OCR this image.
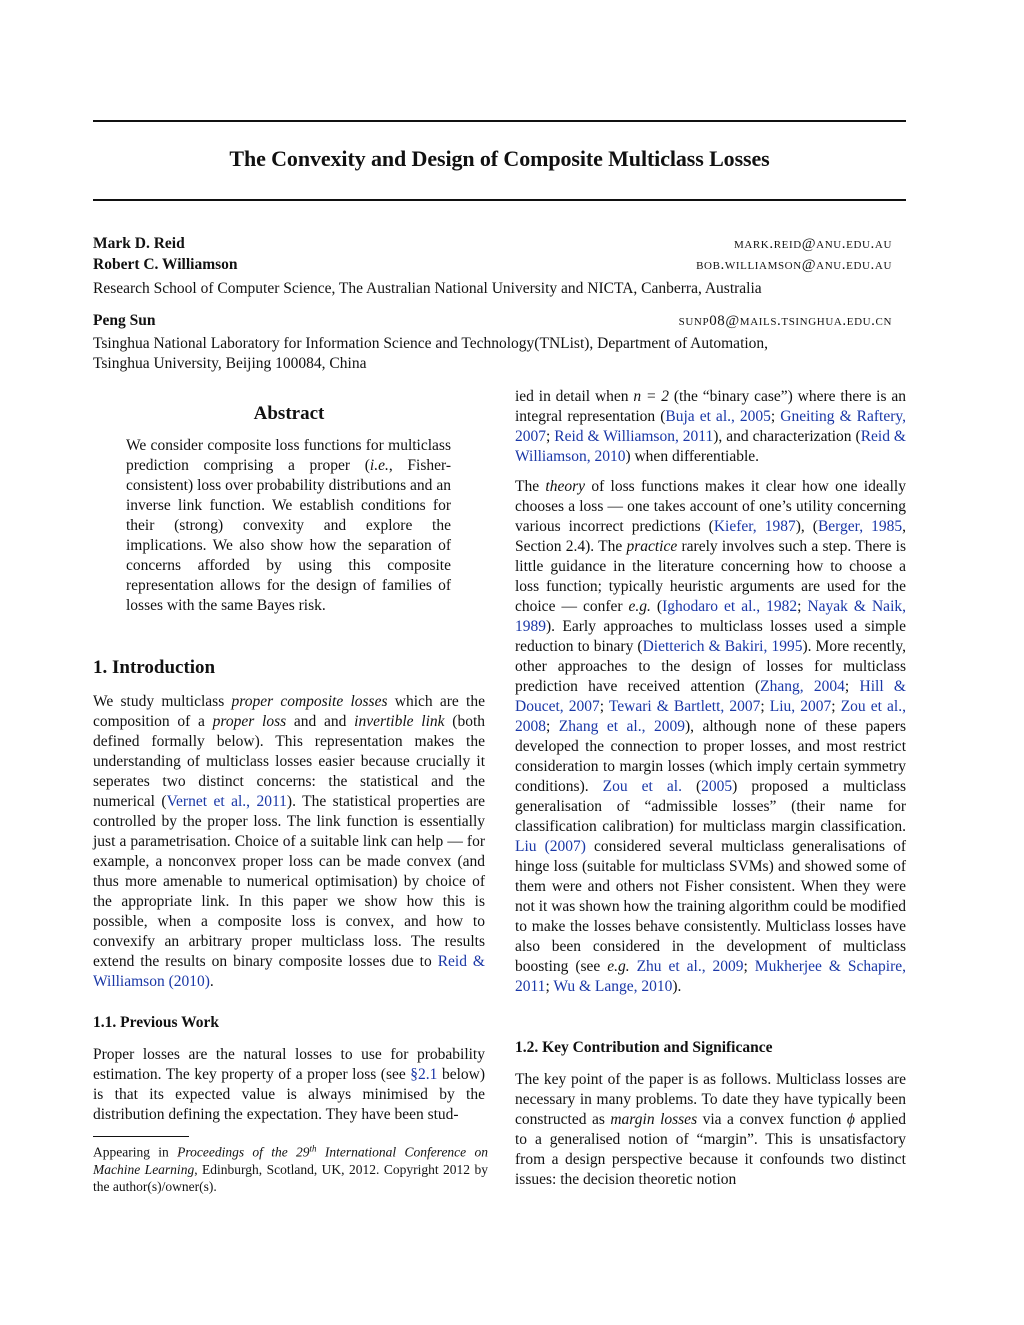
The Convexity and Design of Composite Multiclass Losses
Mark D. Reid	mark.reid@anu.edu.au
Robert C. Williamson	bob.williamson@anu.edu.au
Research School of Computer Science, The Australian National University and NICTA, Canberra, Australia
Peng Sun	sunp08@mails.tsinghua.edu.cn
Tsinghua National Laboratory for Information Science and Technology(TNList), Department of Automation,
Tsinghua University, Beijing 100084, China
Abstract
We consider composite loss functions for multiclass prediction comprising a proper (i.e., Fisher-consistent) loss over probability distributions and an inverse link function. We establish conditions for their (strong) convexity and explore the implications. We also show how the separation of concerns afforded by using this composite representation allows for the design of families of losses with the same Bayes risk.
1. Introduction

We study multiclass proper composite losses which are the composition of a proper loss and and invertible link (both defined formally below). This representation makes the understanding of multiclass losses easier because crucially it seperates two distinct concerns: the statistical and the numerical (Vernet et al., 2011). The statistical properties are controlled by the proper loss. The link function is essentially just a parametrisation. Choice of a suitable link can help — for example, a nonconvex proper loss can be made convex (and thus more amenable to numerical optimisation) by choice of the appropriate link. In this paper we show how this is possible, when a composite loss is convex, and how to convexify an arbitrary proper multiclass loss. The results extend the results on binary composite losses due to Reid & Williamson (2010).

1.1. Previous Work

Proper losses are the natural losses to use for probability estimation. The key property of a proper loss (see §2.1 below) is that its expected value is always minimised by the distribution defining the expectation. They have been stud-

Appearing in Proceedings of the 29th International Conference on Machine Learning, Edinburgh, Scotland, UK, 2012. Copyright 2012 by the author(s)/owner(s).

ied in detail when n = 2 (the “binary case”) where there is an integral representation (Buja et al., 2005; Gneiting & Raftery, 2007; Reid & Williamson, 2011), and characterization (Reid & Williamson, 2010) when differentiable.

The theory of loss functions makes it clear how one ideally chooses a loss — one takes account of one’s utility concerning various incorrect predictions (Kiefer, 1987), (Berger, 1985, Section 2.4). The practice rarely involves such a step. There is little guidance in the literature concerning how to choose a loss function; typically heuristic arguments are used for the choice — confer e.g. (Ighodaro et al., 1982; Nayak & Naik, 1989). Early approaches to multiclass losses used a simple reduction to binary (Dietterich & Bakiri, 1995). More recently, other approaches to the design of losses for multiclass prediction have received attention (Zhang, 2004; Hill & Doucet, 2007; Tewari & Bartlett, 2007; Liu, 2007; Zou et al., 2008; Zhang et al., 2009), although none of these papers developed the connection to proper losses, and most restrict consideration to margin losses (which imply certain symmetry conditions). Zou et al. (2005) proposed a multiclass generalisation of “admissible losses” (their name for classification calibration) for multiclass margin classification. Liu (2007) considered several multiclass generalisations of hinge loss (suitable for multiclass SVMs) and showed some of them were and others not Fisher consistent. When they were not it was shown how the training algorithm could be modified to make the losses behave consistently. Multiclass losses have also been considered in the development of multiclass boosting (see e.g. Zhu et al., 2009; Mukherjee & Schapire, 2011; Wu & Lange, 2010).

1.2. Key Contribution and Significance

The key point of the paper is as follows. Multiclass losses are necessary in many problems. To date they have typically been constructed as margin losses via a convex function ϕ applied to a generalised notion of “margin”. This is unsatisfactory from a design perspective because it confounds two distinct issues: the decision theoretic notion
